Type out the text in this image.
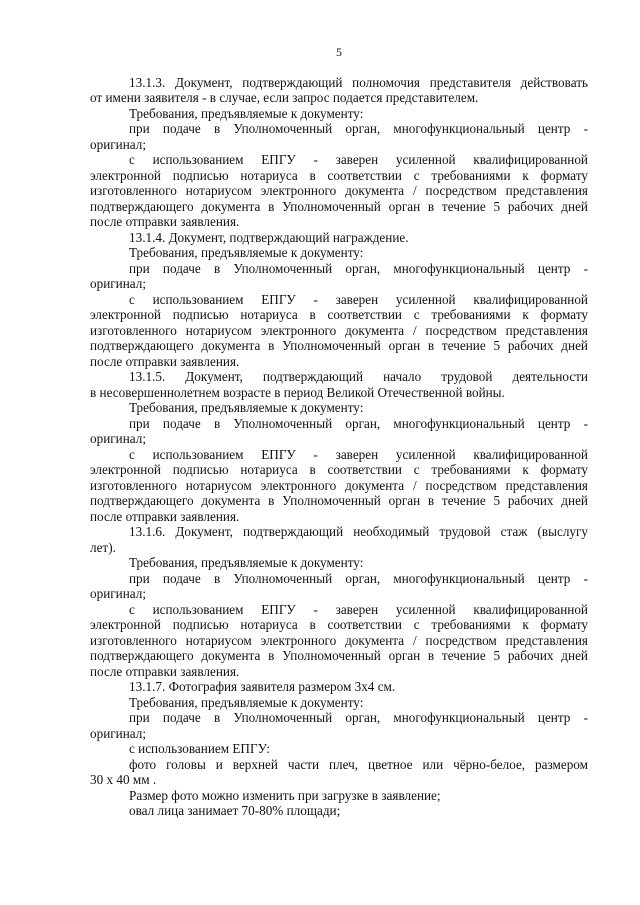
5

13.1.3. Документ, подтверждающий полномочия представителя действовать

от имени заявителя - в случае, если запрос подается представителем.

Требования, предъявляемые к документу:

при подаче в Уполномоченный орган, многофункциональный центр -

оригинал;

с использованием ЕПГУ - заверен усиленной квалифицированной

электронной подписью нотариуса в соответствии с требованиями к формату

изготовленного нотариусом электронного документа / посредством представления

подтверждающего документа в Уполномоченный орган в течение 5 рабочих дней

после отправки заявления.

13.1.4. Документ, подтверждающий награждение.

Требования, предъявляемые к документу:

при подаче в Уполномоченный орган, многофункциональный центр -

оригинал;

с использованием ЕПГУ - заверен усиленной квалифицированной

электронной подписью нотариуса в соответствии с требованиями к формату

изготовленного нотариусом электронного документа / посредством представления

подтверждающего документа в Уполномоченный орган в течение 5 рабочих дней

после отправки заявления.

13.1.5. Документ, подтверждающий начало трудовой деятельности

в несовершеннолетнем возрасте в период Великой Отечественной войны.

Требования, предъявляемые к документу:

при подаче в Уполномоченный орган, многофункциональный центр -

оригинал;

с использованием ЕПГУ - заверен усиленной квалифицированной

электронной подписью нотариуса в соответствии с требованиями к формату

изготовленного нотариусом электронного документа / посредством представления

подтверждающего документа в Уполномоченный орган в течение 5 рабочих дней

после отправки заявления.

13.1.6. Документ, подтверждающий необходимый трудовой стаж (выслугу

лет).

Требования, предъявляемые к документу:

при подаче в Уполномоченный орган, многофункциональный центр -

оригинал;

с использованием ЕПГУ - заверен усиленной квалифицированной

электронной подписью нотариуса в соответствии с требованиями к формату

изготовленного нотариусом электронного документа / посредством представления

подтверждающего документа в Уполномоченный орган в течение 5 рабочих дней

после отправки заявления.

13.1.7. Фотография заявителя размером 3х4 см.

Требования, предъявляемые к документу:

при подаче в Уполномоченный орган, многофункциональный центр -

оригинал;

с использованием ЕПГУ:

фото головы и верхней части плеч, цветное или чёрно-белое, размером

30 х 40 мм .

Размер фото можно изменить при загрузке в заявление;

овал лица занимает 70-80% площади;
